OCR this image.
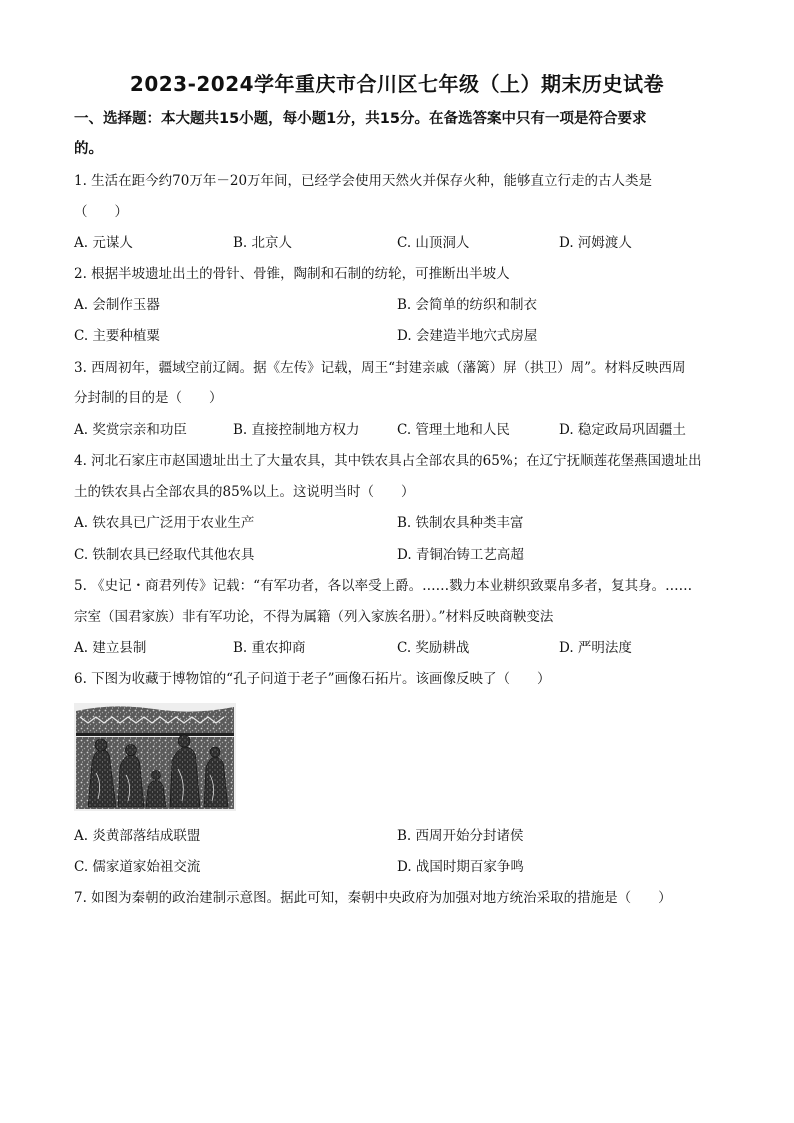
2023-2024学年重庆市合川区七年级（上）期末历史试卷
一、选择题：本大题共15小题，每小题1分，共15分。在备选答案中只有一项是符合要求
的。
1. 生活在距今约70万年－20万年间，已经学会使用天然火并保存火种，能够直立行走的古人类是
（　　）
A. 元谋人	B. 北京人	C. 山顶洞人	D. 河姆渡人
2. 根据半坡遗址出土的骨针、骨锥，陶制和石制的纺轮，可推断出半坡人
A. 会制作玉器	B. 会简单的纺织和制衣
C. 主要种植粟	D. 会建造半地穴式房屋
3. 西周初年，疆域空前辽阔。据《左传》记载，周王“封建亲戚（藩篱）屏（拱卫）周”。材料反映西周
分封制的目的是（　　）
A. 奖赏宗亲和功臣	B. 直接控制地方权力	C. 管理土地和人民	D. 稳定政局巩固疆土
4. 河北石家庄市赵国遗址出土了大量农具，其中铁农具占全部农具的65%；在辽宁抚顺莲花堡燕国遗址出
土的铁农具占全部农具的85%以上。这说明当时（　　）
A. 铁农具已广泛用于农业生产	B. 铁制农具种类丰富
C. 铁制农具已经取代其他农具	D. 青铜冶铸工艺高超
5. 《史记・商君列传》记载：“有军功者，各以率受上爵。……戮力本业耕织致粟帛多者，复其身。……
宗室（国君家族）非有军功论，不得为属籍（列入家族名册）。”材料反映商鞅变法
A. 建立县制	B. 重农抑商	C. 奖励耕战	D. 严明法度
6. 下图为收藏于博物馆的“孔子问道于老子”画像石拓片。该画像反映了（　　）
A. 炎黄部落结成联盟	B. 西周开始分封诸侯
C. 儒家道家始祖交流	D. 战国时期百家争鸣
7. 如图为秦朝的政治建制示意图。据此可知，秦朝中央政府为加强对地方统治采取的措施是（　　）
